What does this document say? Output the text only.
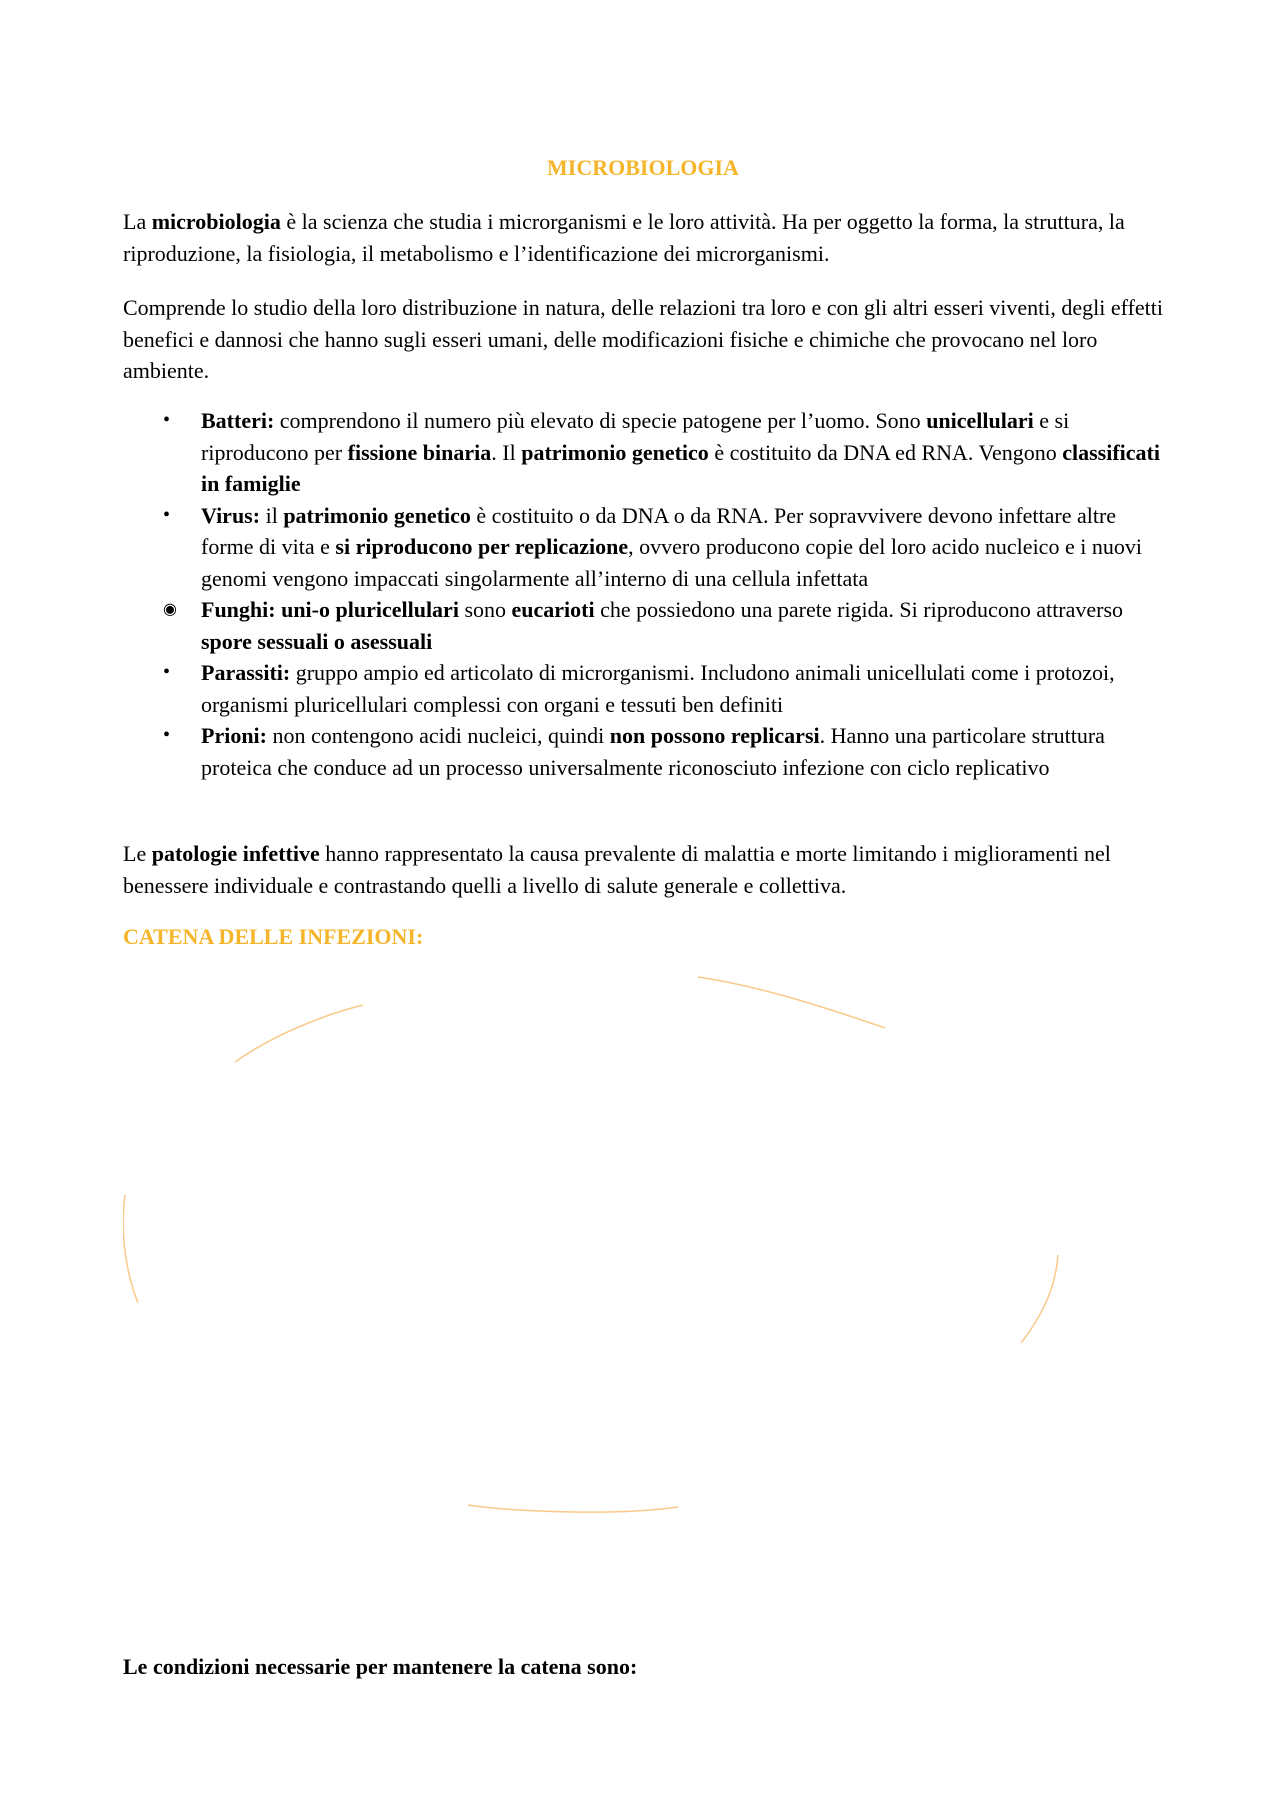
MICROBIOLOGIA

La microbiologia è la scienza che studia i microrganismi e le loro attività. Ha per oggetto la forma, la struttura, la riproduzione, la fisiologia, il metabolismo e l’identificazione dei microrganismi.

Comprende lo studio della loro distribuzione in natura, delle relazioni tra loro e con gli altri esseri viventi, degli effetti benefici e dannosi che hanno sugli esseri umani, delle modificazioni fisiche e chimiche che provocano nel loro ambiente.

• Batteri: comprendono il numero più elevato di specie patogene per l’uomo. Sono unicellulari e si riproducono per fissione binaria. Il patrimonio genetico è costituito da DNA ed RNA. Vengono classificati in famiglie
• Virus: il patrimonio genetico è costituito o da DNA o da RNA. Per sopravvivere devono infettare altre forme di vita e si riproducono per replicazione, ovvero producono copie del loro acido nucleico e i nuovi genomi vengono impaccati singolarmente all’interno di una cellula infettata
◉ Funghi: uni-o pluricellulari sono eucarioti che possiedono una parete rigida. Si riproducono attraverso spore sessuali o asessuali
• Parassiti: gruppo ampio ed articolato di microrganismi. Includono animali unicellulati come i protozoi, organismi pluricellulari complessi con organi e tessuti ben definiti
• Prioni: non contengono acidi nucleici, quindi non possono replicarsi. Hanno una particolare struttura proteica che conduce ad un processo universalmente riconosciuto infezione con ciclo replicativo

Le patologie infettive hanno rappresentato la causa prevalente di malattia e morte limitando i miglioramenti nel benessere individuale e contrastando quelli a livello di salute generale e collettiva.

CATENA DELLE INFEZIONI:
Le condizioni necessarie per mantenere la catena sono:
